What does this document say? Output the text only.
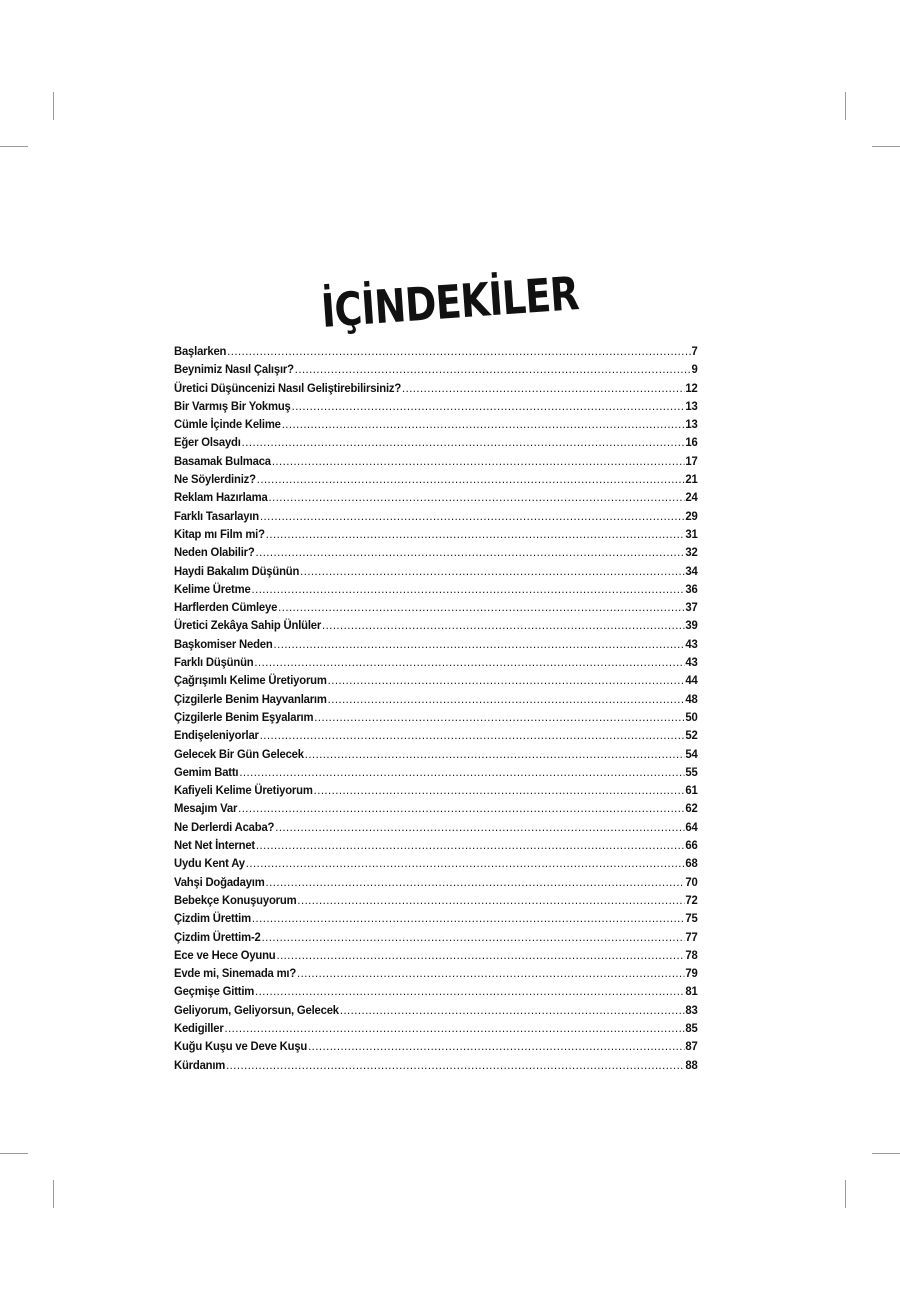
İÇİNDEKİLER
Başlarken .....	7
Beynimiz Nasıl Çalışır? .....	9
Üretici Düşüncenizi Nasıl Geliştirebilirsiniz? .....	12
Bir Varmış Bir Yokmuş .....	13
Cümle İçinde Kelime .....	13
Eğer Olsaydı .....	16
Basamak Bulmaca .....	17
Ne Söylerdiniz? .....	21
Reklam Hazırlama .....	24
Farklı Tasarlayın .....	29
Kitap mı Film mi? .....	31
Neden Olabilir? .....	32
Haydi Bakalım Düşünün .....	34
Kelime Üretme .....	36
Harflerden Cümleye .....	37
Üretici Zekâya Sahip Ünlüler .....	39
Başkomiser Neden .....	43
Farklı Düşünün .....	43
Çağrışımlı Kelime Üretiyorum .....	44
Çizgilerle Benim Hayvanlarım .....	48
Çizgilerle Benim Eşyalarım .....	50
Endişeleniyorlar .....	52
Gelecek Bir Gün Gelecek .....	54
Gemim Battı .....	55
Kafiyeli Kelime Üretiyorum .....	61
Mesajım Var .....	62
Ne Derlerdi Acaba? .....	64
Net Net İnternet .....	66
Uydu Kent Ay .....	68
Vahşi Doğadayım .....	70
Bebekçe Konuşuyorum .....	72
Çizdim Ürettim .....	75
Çizdim Ürettim-2 .....	77
Ece ve Hece Oyunu .....	78
Evde mi, Sinemada mı? .....	79
Geçmişe Gittim .....	81
Geliyorum, Geliyorsun, Gelecek .....	83
Kedigiller .....	85
Kuğu Kuşu ve Deve Kuşu .....	87
Kürdanım .....	88
